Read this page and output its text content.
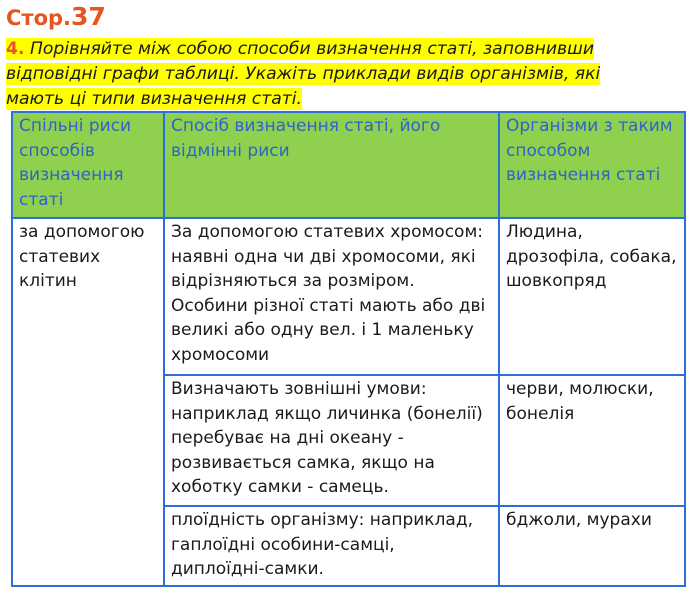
Стор.37
4. Порівняйте між собою способи визначення статі, заповнивши відповідні графи таблиці. Укажіть приклади видів організмів, які мають ці типи визначення статі.
Спільні риси способів визначення статі	Спосіб визначення статі, його відмінні риси	Організми з таким способом визначення статі

за допомогою статевих клітин	За допомогою статевих хромосом: наявні одна чи дві хромосоми, які відрізняються за розміром. Особини різної статі мають або дві великі або одну вел. і 1 маленьку хромосоми	Людина, дрозофіла, собака, шовкопряд

	Визначають зовнішні умови: наприклад якщо личинка (бонелії) перебуває на дні океану - розвивається самка, якщо на хоботку самки - самець.	черви, молюски, бонелія

	плоїдність організму: наприклад, гаплоїдні особини-самці, диплоїдні-самки.	бджоли, мурахи
